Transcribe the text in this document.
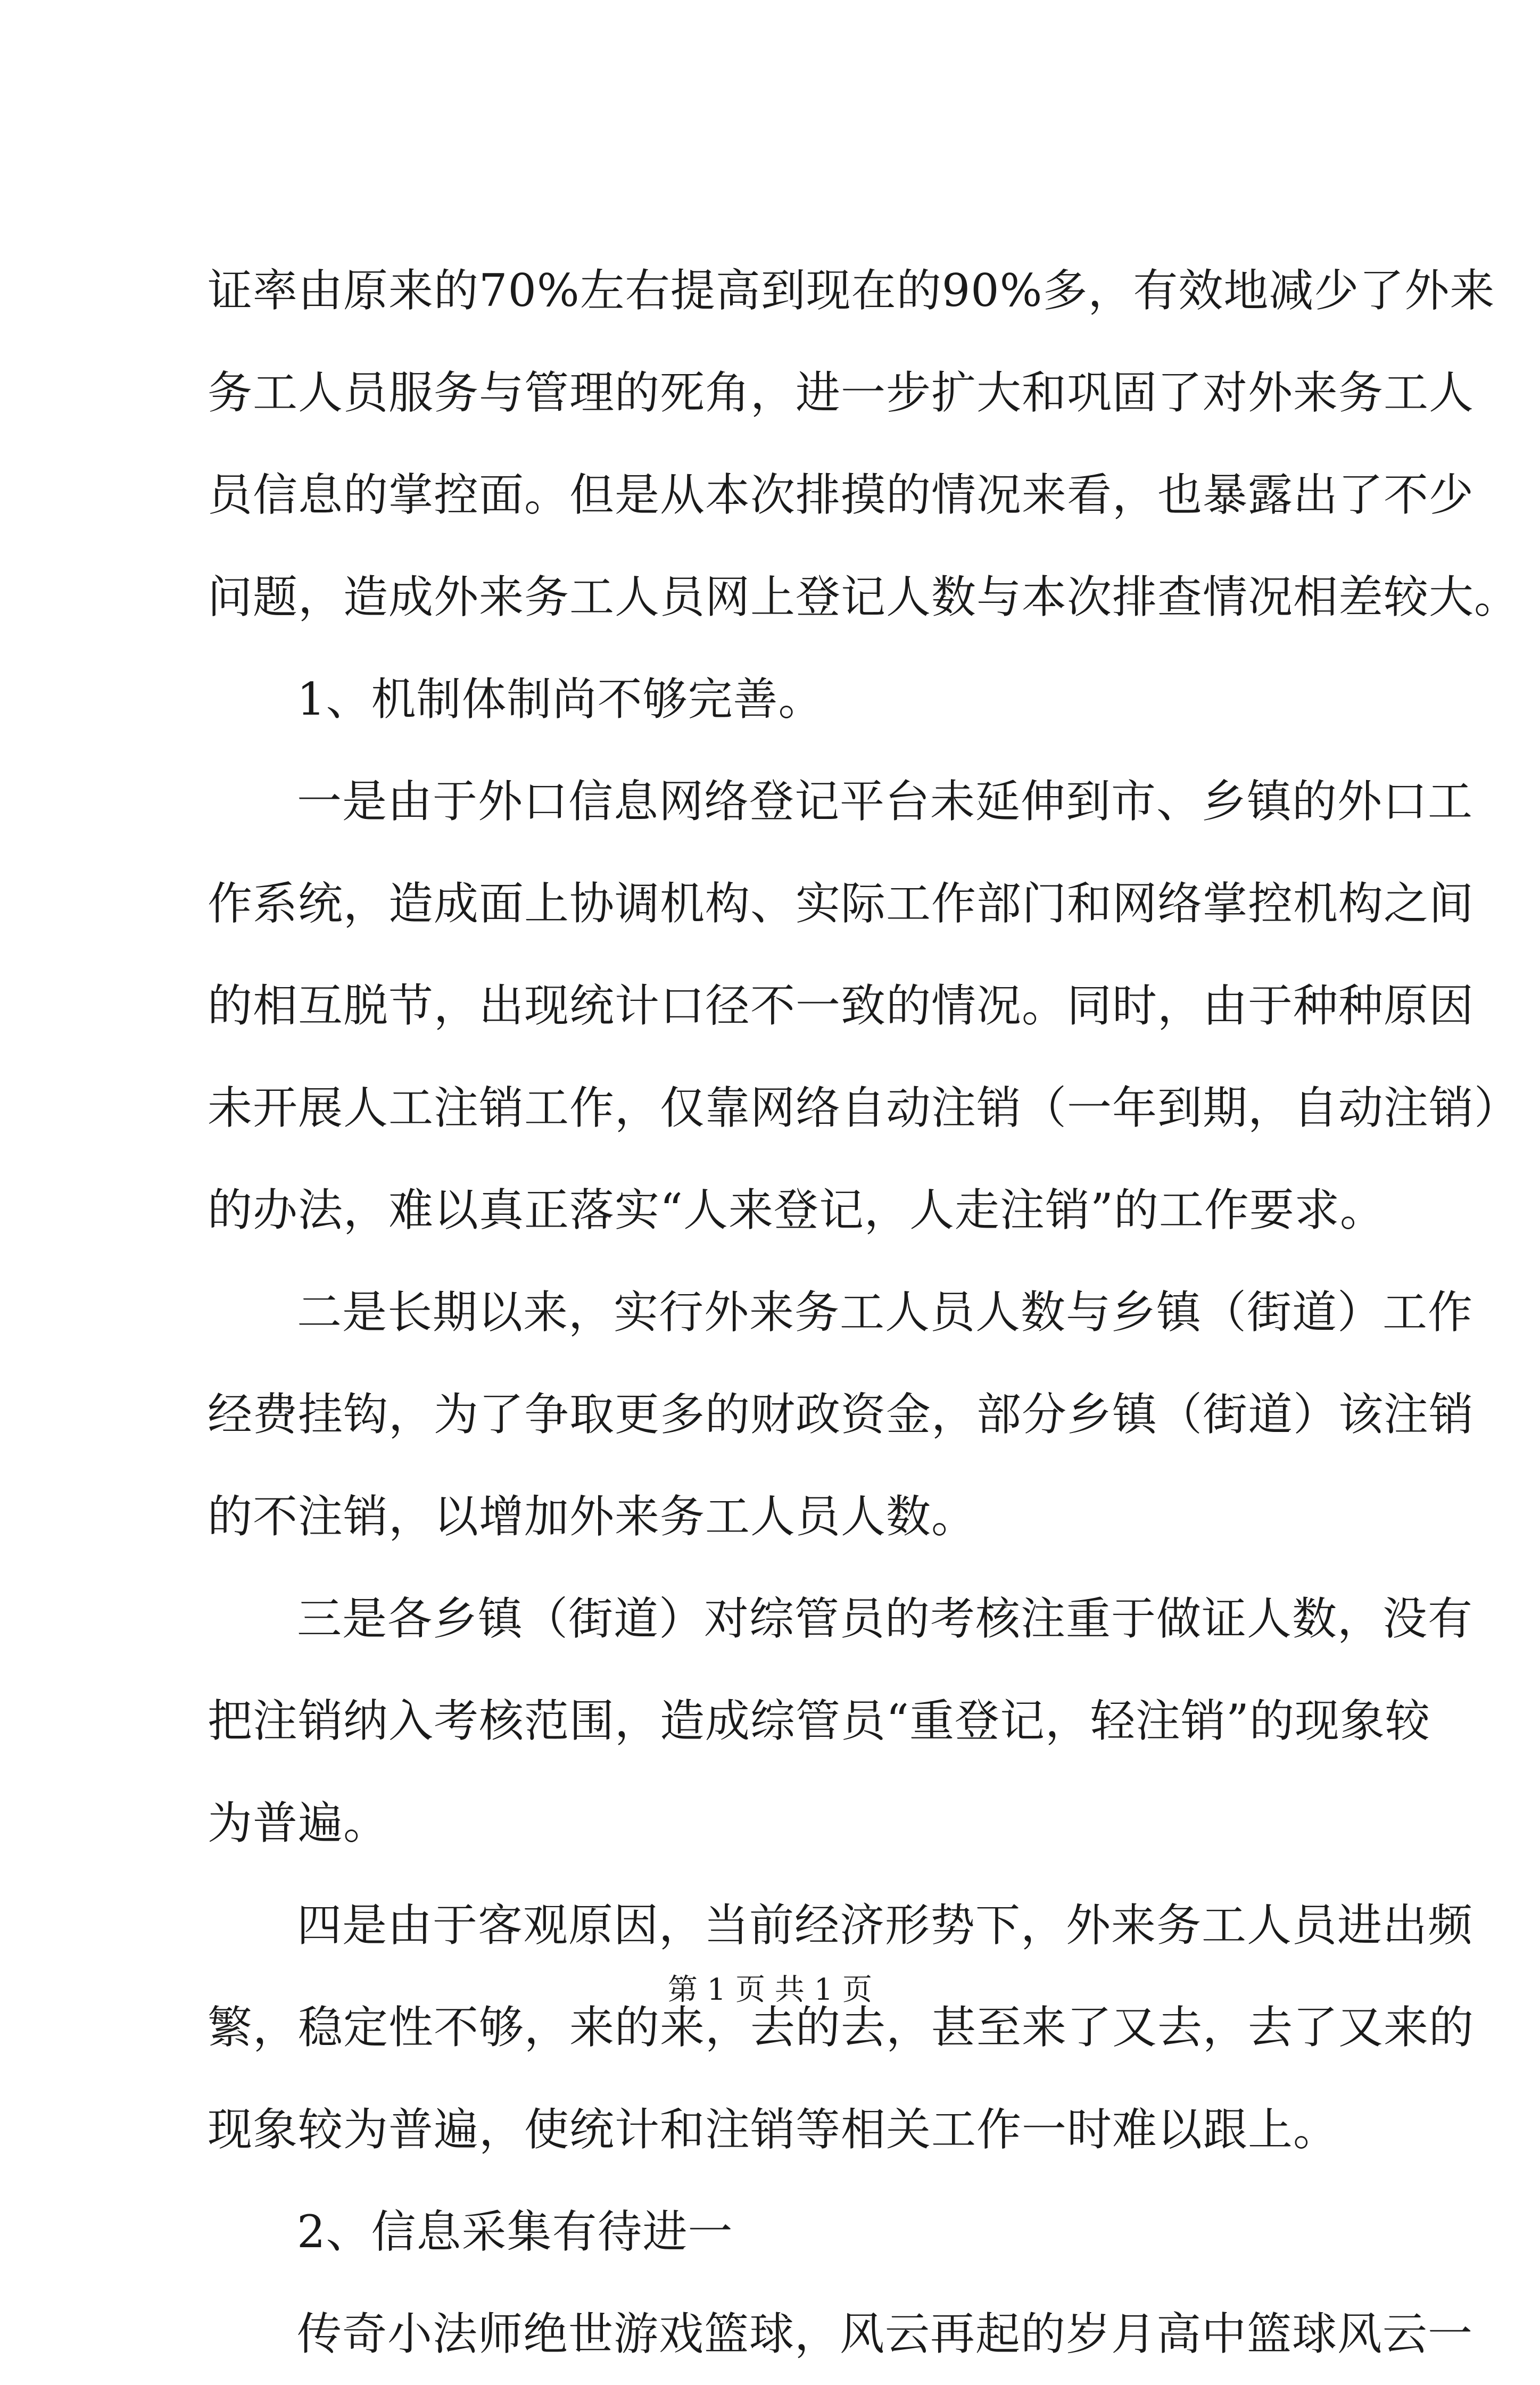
证率由原来的70%左右提高到现在的90%多，有效地减少了外来
务工人员服务与管理的死角，进一步扩大和巩固了对外来务工人
员信息的掌控面。但是从本次排摸的情况来看，也暴露出了不少
问题，造成外来务工人员网上登记人数与本次排查情况相差较大。
1、机制体制尚不够完善。
一是由于外口信息网络登记平台未延伸到市、乡镇的外口工
作系统，造成面上协调机构、实际工作部门和网络掌控机构之间
的相互脱节，出现统计口径不一致的情况。同时，由于种种原因
未开展人工注销工作，仅靠网络自动注销（一年到期，自动注销）
的办法，难以真正落实“人来登记，人走注销”的工作要求。
二是长期以来，实行外来务工人员人数与乡镇（街道）工作
经费挂钩，为了争取更多的财政资金，部分乡镇（街道）该注销
的不注销，以增加外来务工人员人数。
三是各乡镇（街道）对综管员的考核注重于做证人数，没有
把注销纳入考核范围，造成综管员“重登记，轻注销”的现象较
为普遍。
四是由于客观原因，当前经济形势下，外来务工人员进出频
繁，稳定性不够，来的来，去的去，甚至来了又去，去了又来的
现象较为普遍，使统计和注销等相关工作一时难以跟上。
2、信息采集有待进一
传奇小法师绝世游戏篮球，风云再起的岁月高中篮球风云一
第 1 页 共 1 页
